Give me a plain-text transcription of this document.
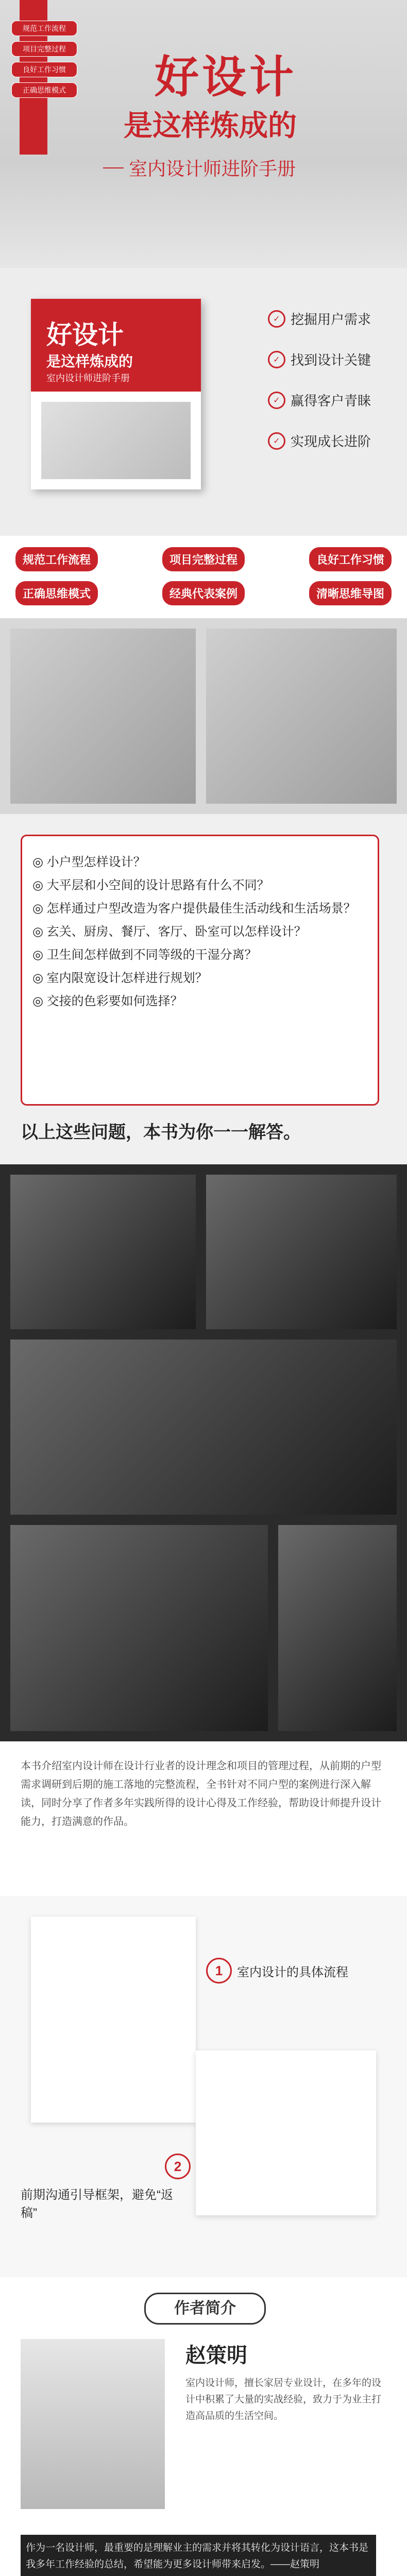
规范工作流程
项目完整过程
良好工作习惯
正确思维模式 好设计
是这样炼成的
室内设计师进阶手册
好设计
是这样炼成的
室内设计师进阶手册
✓ 挖掘用户需求
✓ 找到设计关键
✓ 赢得客户青睐
✓ 实现成长进阶
规范工作流程	项目完整过程	良好工作习惯
正确思维模式	经典代表案例	清晰思维导图
◎ 小户型怎样设计？
◎ 大平层和小空间的设计思路有什么不同？
◎ 怎样通过户型改造为客户提供最佳生活动线和生活场景？
◎ 玄关、厨房、餐厅、客厅、卧室可以怎样设计？
◎ 卫生间怎样做到不同等级的干湿分离？
◎ 室内限宽设计怎样进行规划？
◎ 交接的色彩要如何选择？
以上这些问题，本书为你一一解答。

本书介绍室内设计师在设计行业者的设计理念和项目的管理过程，从前期的户型需求调研到后期的施工落地的完整流程，全书针对不同户型的案例进行深入解读，同时分享了作者多年实践所得的设计心得及工作经验，帮助设计师提升设计能力，打造满意的作品。

1	室内设计的具体流程
2
前期沟通引导框架，避免“返稿”
作者简介
赵策明
室内设计师，擅长家居专业设计，在多年的设计中积累了大量的实战经验，致力于为业主打造高品质的生活空间。
作为一名设计师，最重要的是理解业主的需求并将其转化为设计语言，这本书是我多年工作经验的总结，希望能为更多设计师带来启发。——赵策明
